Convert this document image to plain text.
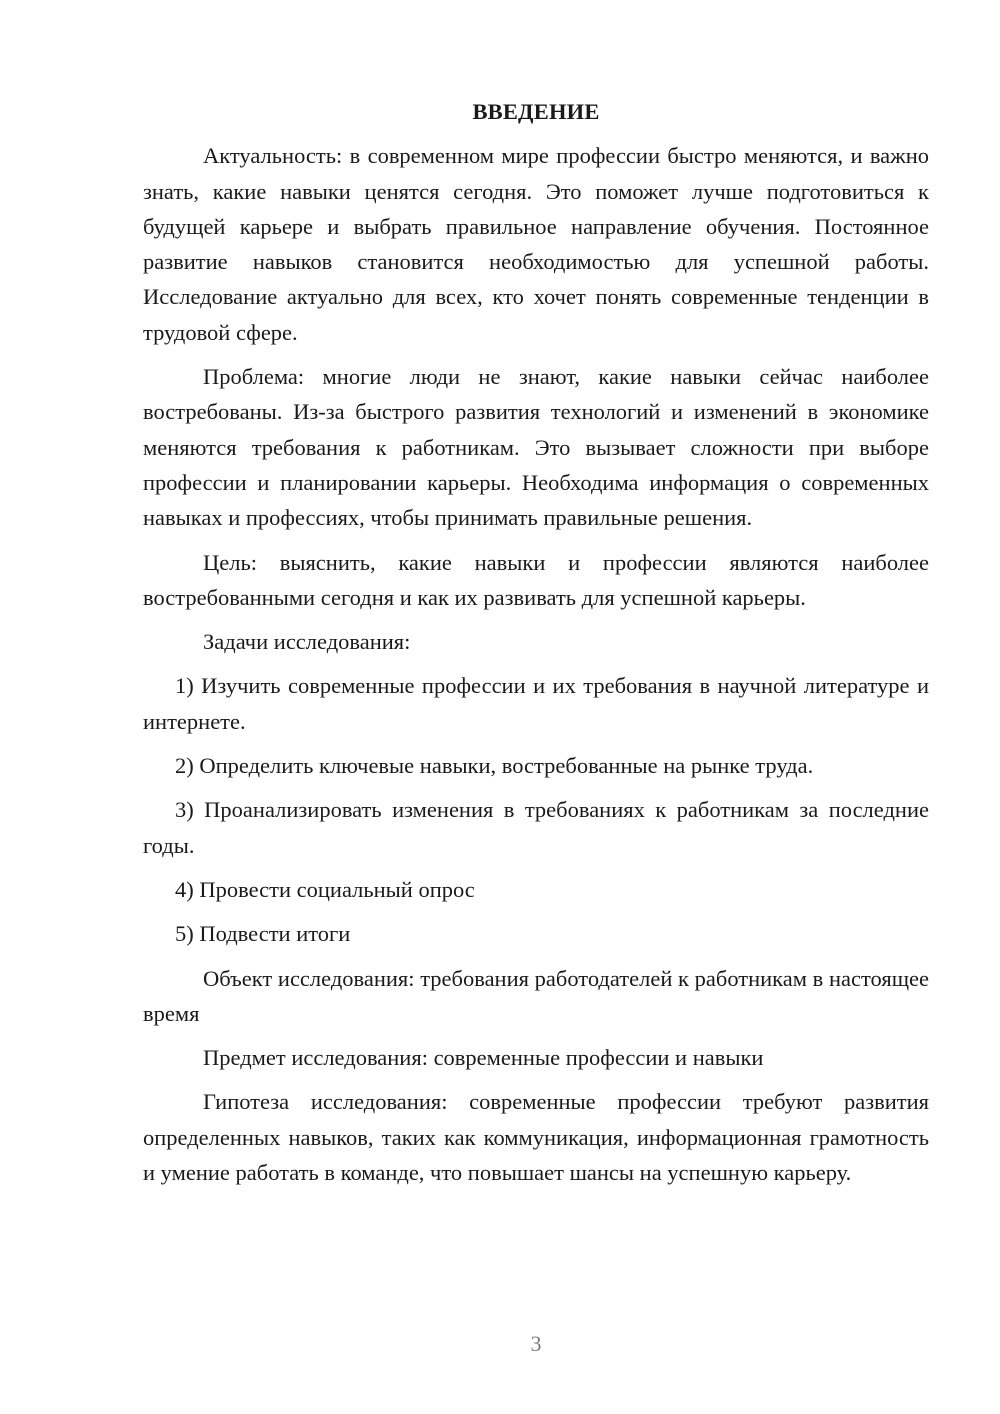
ВВЕДЕНИЕ

Актуальность: в современном мире профессии быстро меняются, и важно знать, какие навыки ценятся сегодня. Это поможет лучше подготовиться к будущей карьере и выбрать правильное направление обучения. Постоянное развитие навыков становится необходимостью для успешной работы. Исследование актуально для всех, кто хочет понять современные тенденции в трудовой сфере.

Проблема: многие люди не знают, какие навыки сейчас наиболее востребованы. Из-за быстрого развития технологий и изменений в экономике меняются требования к работникам. Это вызывает сложности при выборе профессии и планировании карьеры. Необходима информация о современных навыках и профессиях, чтобы принимать правильные решения.

Цель: выяснить, какие навыки и профессии являются наиболее востребованными сегодня и как их развивать для успешной карьеры.

Задачи исследования:

1) Изучить современные профессии и их требования в научной литературе и интернете.

2) Определить ключевые навыки, востребованные на рынке труда.

3) Проанализировать изменения в требованиях к работникам за последние годы.

4) Провести социальный опрос

5) Подвести итоги

Объект исследования: требования работодателей к работникам в настоящее время

Предмет исследования: современные профессии и навыки

Гипотеза исследования: современные профессии требуют развития определенных навыков, таких как коммуникация, информационная грамотность и умение работать в команде, что повышает шансы на успешную карьеру.

3
